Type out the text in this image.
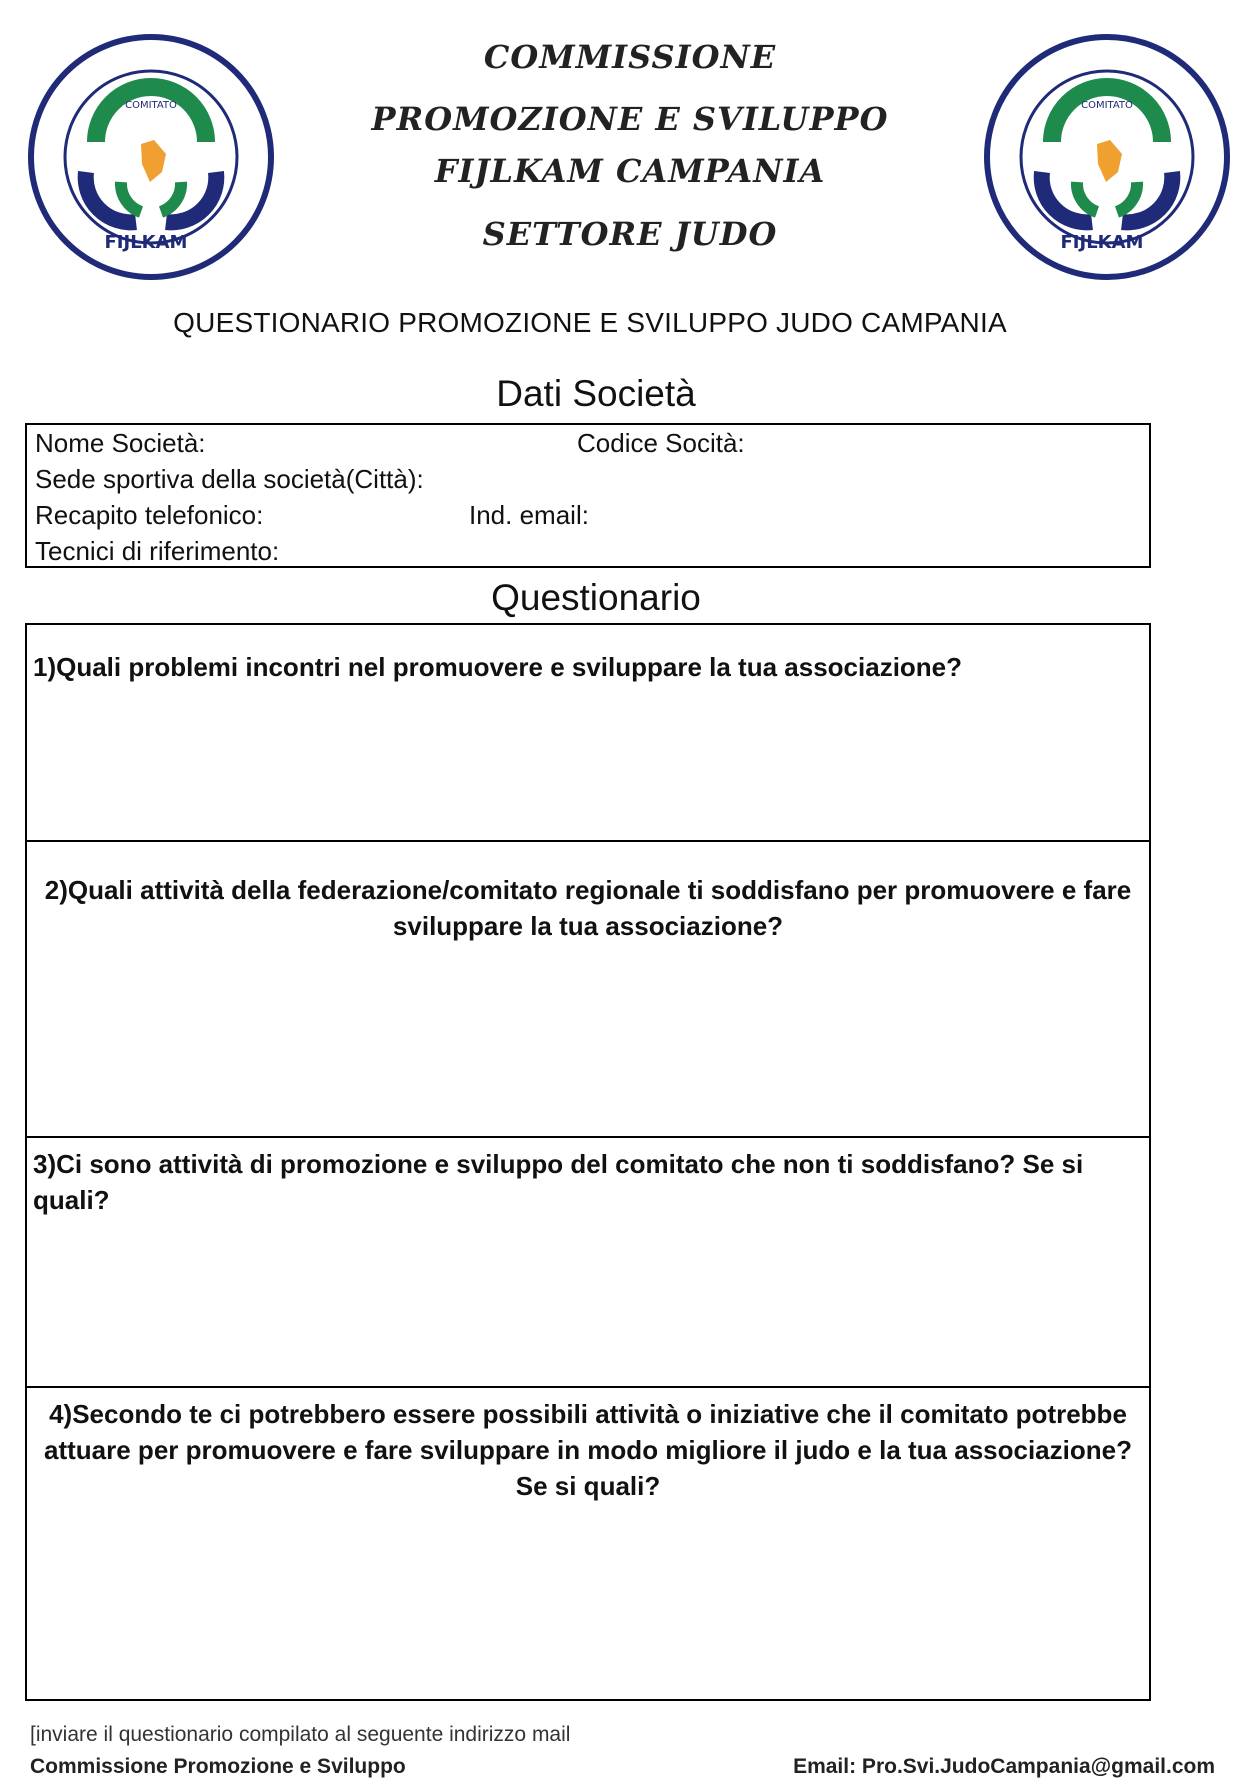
COMITATO
FIJLKAM
COMITATO
FIJLKAM
COMMISSIONE
PROMOZIONE E SVILUPPO
FIJLKAM CAMPANIA
SETTORE JUDO
QUESTIONARIO PROMOZIONE E SVILUPPO JUDO CAMPANIA
Dati Società
Nome Società:	Codice Socità:
Sede sportiva della società(Città):
Recapito telefonico:	Ind. email:
Tecnici di riferimento:
Questionario
1)Quali problemi incontri nel promuovere e sviluppare la tua associazione?
2)Quali attività della federazione/comitato regionale ti soddisfano per promuovere e fare
sviluppare la tua associazione?
3)Ci sono attività di promozione e sviluppo del comitato che non ti soddisfano? Se si
quali?
4)Secondo te ci potrebbero essere possibili attività o iniziative che il comitato potrebbe
attuare per promuovere e fare sviluppare in modo migliore il judo e la tua associazione?
Se si quali?
[inviare il questionario compilato al seguente indirizzo mail
Commissione Promozione e Sviluppo	Email: Pro.Svi.JudoCampania@gmail.com
